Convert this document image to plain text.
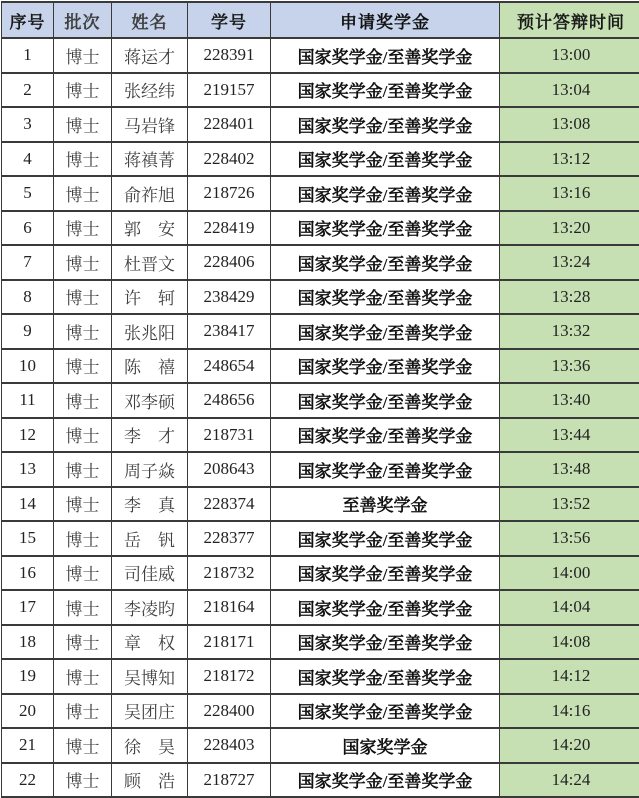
序号	批次	姓名	学号	申请奖学金	预计答辩时间
1	博士	蒋运才	228391	国家奖学金/至善奖学金	13:00
2	博士	张经纬	219157	国家奖学金/至善奖学金	13:04
3	博士	马岩锋	228401	国家奖学金/至善奖学金	13:08
4	博士	蒋禛菁	228402	国家奖学金/至善奖学金	13:12
5	博士	俞祚旭	218726	国家奖学金/至善奖学金	13:16
6	博士	郭　安	228419	国家奖学金/至善奖学金	13:20
7	博士	杜晋文	228406	国家奖学金/至善奖学金	13:24
8	博士	许　轲	238429	国家奖学金/至善奖学金	13:28
9	博士	张兆阳	238417	国家奖学金/至善奖学金	13:32
10	博士	陈　禧	248654	国家奖学金/至善奖学金	13:36
11	博士	邓李硕	248656	国家奖学金/至善奖学金	13:40
12	博士	李　才	218731	国家奖学金/至善奖学金	13:44
13	博士	周子焱	208643	国家奖学金/至善奖学金	13:48
14	博士	李　真	228374	至善奖学金	13:52
15	博士	岳　钒	228377	国家奖学金/至善奖学金	13:56
16	博士	司佳威	218732	国家奖学金/至善奖学金	14:00
17	博士	李凌昀	218164	国家奖学金/至善奖学金	14:04
18	博士	章　权	218171	国家奖学金/至善奖学金	14:08
19	博士	吴博知	218172	国家奖学金/至善奖学金	14:12
20	博士	吴团庄	228400	国家奖学金/至善奖学金	14:16
21	博士	徐　昊	228403	国家奖学金	14:20
22	博士	顾　浩	218727	国家奖学金/至善奖学金	14:24
